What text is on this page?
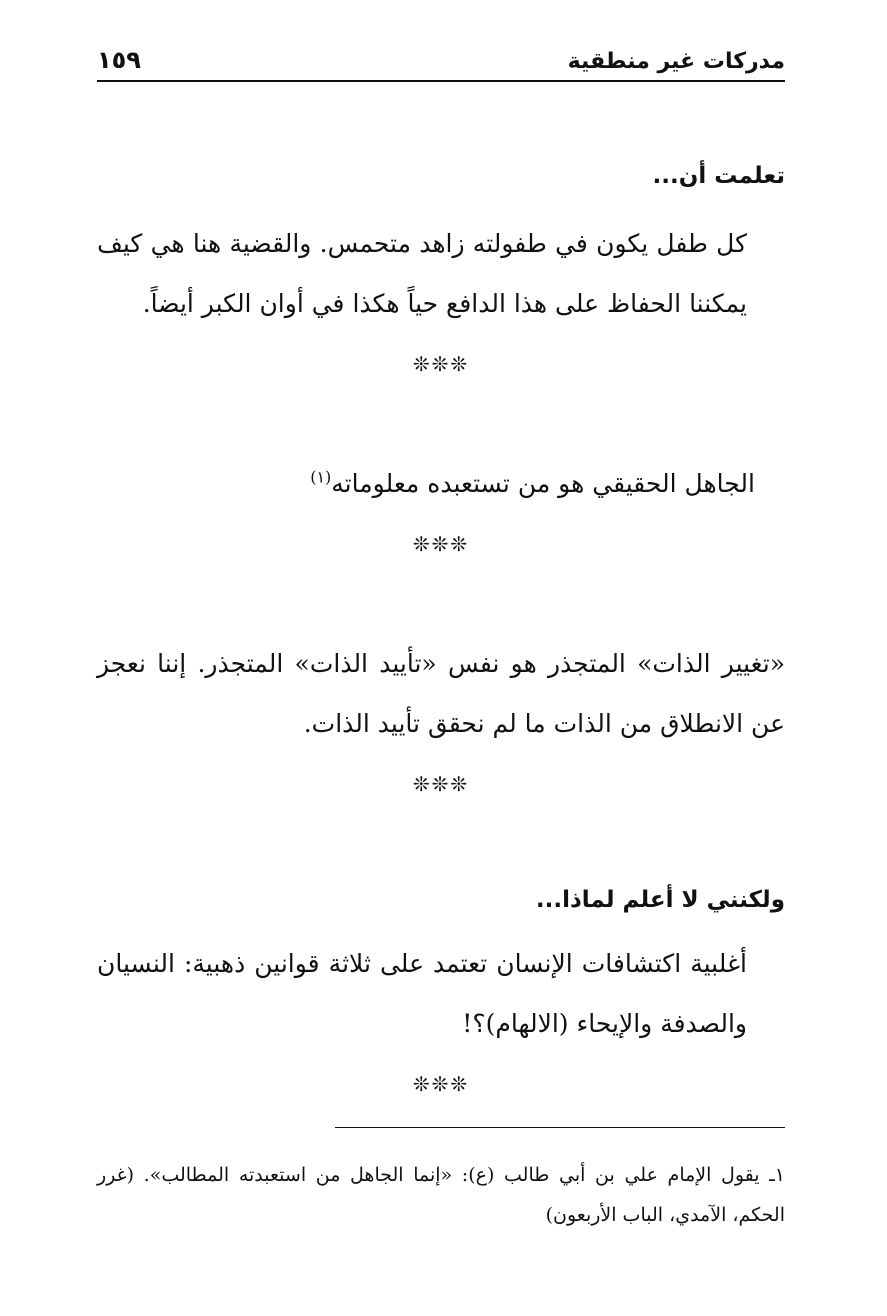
مدركات غير منطقية
١٥٩
تعلمت أن...

كل طفل يكون في طفولته زاهد متحمس. والقضية هنا هي كيف يمكننا الحفاظ على هذا الدافع حياً هكذا في أوان الكبر أيضاً.

❊❊❊

الجاهل الحقيقي هو من تستعبده معلوماته$^{(١)}$

❊❊❊

«تغيير الذات» المتجذر هو نفس «تأييد الذات» المتجذر. إننا نعجز عن الانطلاق من الذات ما لم نحقق تأييد الذات.

❊❊❊
ولكنني لا أعلم لماذا...

أغلبية اكتشافات الإنسان تعتمد على ثلاثة قوانين ذهبية: النسيان والصدفة والإيحاء (الالهام)؟!

❊❊❊

١ـ يقول الإمام علي بن أبي طالب (ع): «إنما الجاهل من استعبدته المطالب». (غرر الحكم، الآمدي، الباب الأربعون)
